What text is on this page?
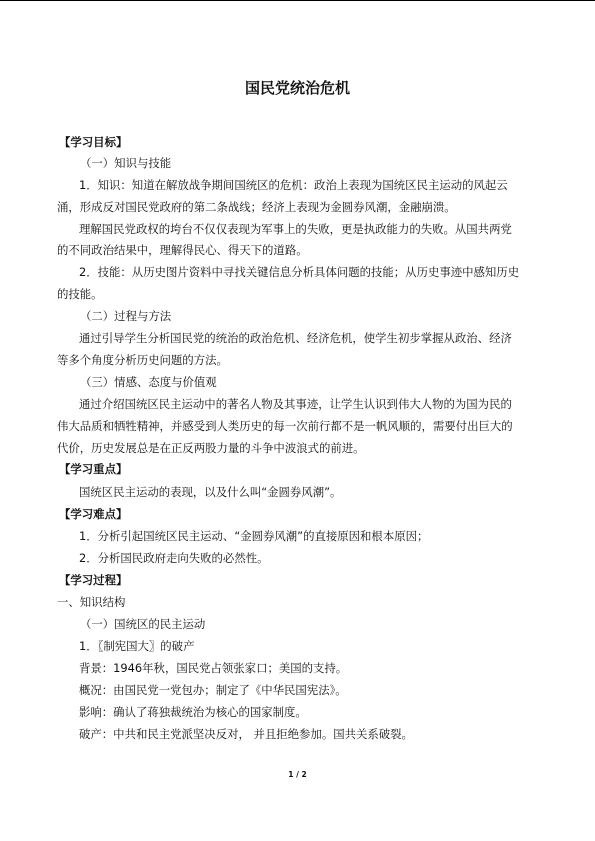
国民党统治危机
【学习目标】
（一）知识与技能
1．知识：知道在解放战争期间国统区的危机：政治上表现为国统区民主运动的风起云
涌，形成反对国民党政府的第二条战线；经济上表现为金圆券风潮，金融崩溃。
理解国民党政权的垮台不仅仅表现为军事上的失败，更是执政能力的失败。从国共两党
的不同政治结果中，理解得民心、得天下的道路。
2．技能：从历史图片资料中寻找关键信息分析具体问题的技能；从历史事迹中感知历史
的技能。
（二）过程与方法
通过引导学生分析国民党的统治的政治危机、经济危机，使学生初步掌握从政治、经济
等多个角度分析历史问题的方法。
（三）情感、态度与价值观
通过介绍国统区民主运动中的著名人物及其事迹，让学生认识到伟大人物的为国为民的
伟大品质和牺牲精神，并感受到人类历史的每一次前行都不是一帆风顺的，需要付出巨大的
代价，历史发展总是在正反两股力量的斗争中波浪式的前进。
【学习重点】
国统区民主运动的表现，以及什么叫“金圆券风潮”。
【学习难点】
1．分析引起国统区民主运动、“金圆券风潮”的直接原因和根本原因；
2．分析国民政府走向失败的必然性。
【学习过程】
一、知识结构
（一）国统区的民主运动
1．〖制宪国大〗的破产
背景：1946年秋，国民党占领张家口；美国的支持。
概况：由国民党一党包办；制定了《中华民国宪法》。
影响：确认了蒋独裁统治为核心的国家制度。
破产：中共和民主党派坚决反对， 并且拒绝参加。国共关系破裂。
1 / 2
